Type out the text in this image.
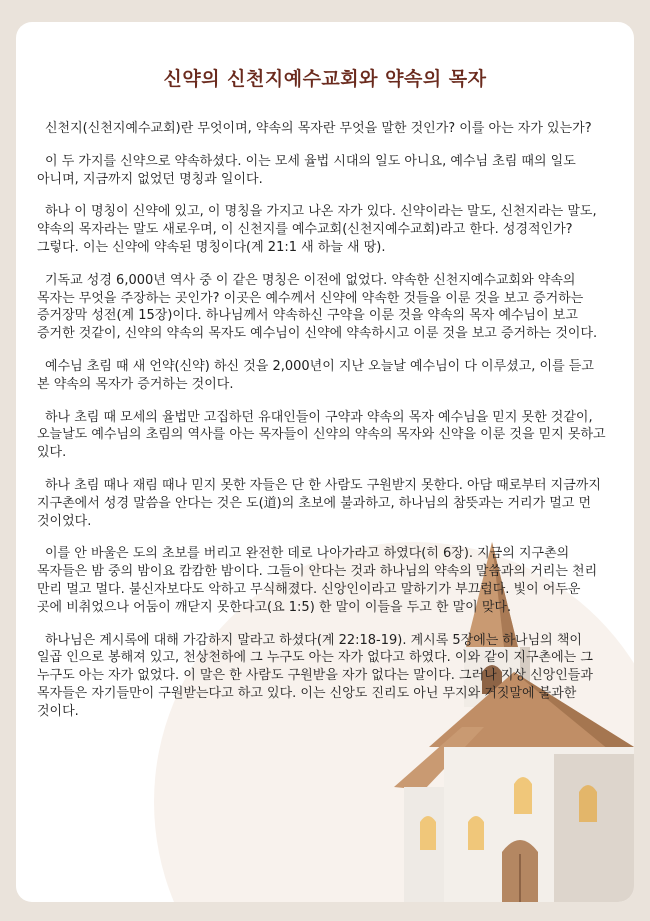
신약의 신천지예수교회와 약속의 목자

신천지(신천지예수교회)란 무엇이며, 약속의 목자란 무엇을 말한 것인가? 이를 아는 자가 있는가?

이 두 가지를 신약으로 약속하셨다. 이는 모세 율법 시대의 일도 아니요, 예수님 초림 때의 일도 아니며, 지금까지 없었던 명칭과 일이다.

하나 이 명칭이 신약에 있고, 이 명칭을 가지고 나온 자가 있다. 신약이라는 말도, 신천지라는 말도, 약속의 목자라는 말도 새로우며, 이 신천지를 예수교회(신천지예수교회)라고 한다. 성경적인가? 그렇다. 이는 신약에 약속된 명칭이다(계 21:1 새 하늘 새 땅).

기독교 성경 6,000년 역사 중 이 같은 명칭은 이전에 없었다. 약속한 신천지예수교회와 약속의 목자는 무엇을 주장하는 곳인가? 이곳은 예수께서 신약에 약속한 것들을 이룬 것을 보고 증거하는 증거장막 성전(계 15장)이다. 하나님께서 약속하신 구약을 이룬 것을 약속의 목자 예수님이 보고 증거한 것같이, 신약의 약속의 목자도 예수님이 신약에 약속하시고 이룬 것을 보고 증거하는 것이다.

예수님 초림 때 새 언약(신약) 하신 것을 2,000년이 지난 오늘날 예수님이 다 이루셨고, 이를 듣고 본 약속의 목자가 증거하는 것이다.

하나 초림 때 모세의 율법만 고집하던 유대인들이 구약과 약속의 목자 예수님을 믿지 못한 것같이, 오늘날도 예수님의 초림의 역사를 아는 목자들이 신약의 약속의 목자와 신약을 이룬 것을 믿지 못하고 있다.

하나 초림 때나 재림 때나 믿지 못한 자들은 단 한 사람도 구원받지 못한다. 아담 때로부터 지금까지 지구촌에서 성경 말씀을 안다는 것은 도(道)의 초보에 불과하고, 하나님의 참뜻과는 거리가 멀고 먼 것이었다.

이를 안 바울은 도의 초보를 버리고 완전한 데로 나아가라고 하였다(히 6장). 지금의 지구촌의 목자들은 밤 중의 밤이요 캄캄한 밤이다. 그들이 안다는 것과 하나님의 약속의 말씀과의 거리는 천리 만리 멀고 멀다. 불신자보다도 악하고 무식해졌다. 신앙인이라고 말하기가 부끄럽다. 빛이 어두운 곳에 비취었으나 어둠이 깨닫지 못한다고(요 1:5) 한 말이 이들을 두고 한 말이 맞다.

하나님은 계시록에 대해 가감하지 말라고 하셨다(계 22:18-19). 계시록 5장에는 하나님의 책이 일곱 인으로 봉해져 있고, 천상천하에 그 누구도 아는 자가 없다고 하였다. 이와 같이 지구촌에는 그 누구도 아는 자가 없었다. 이 말은 한 사람도 구원받을 자가 없다는 말이다. 그러나 지상 신앙인들과 목자들은 자기들만이 구원받는다고 하고 있다. 이는 신앙도 진리도 아닌 무지와 거짓말에 불과한 것이다.
